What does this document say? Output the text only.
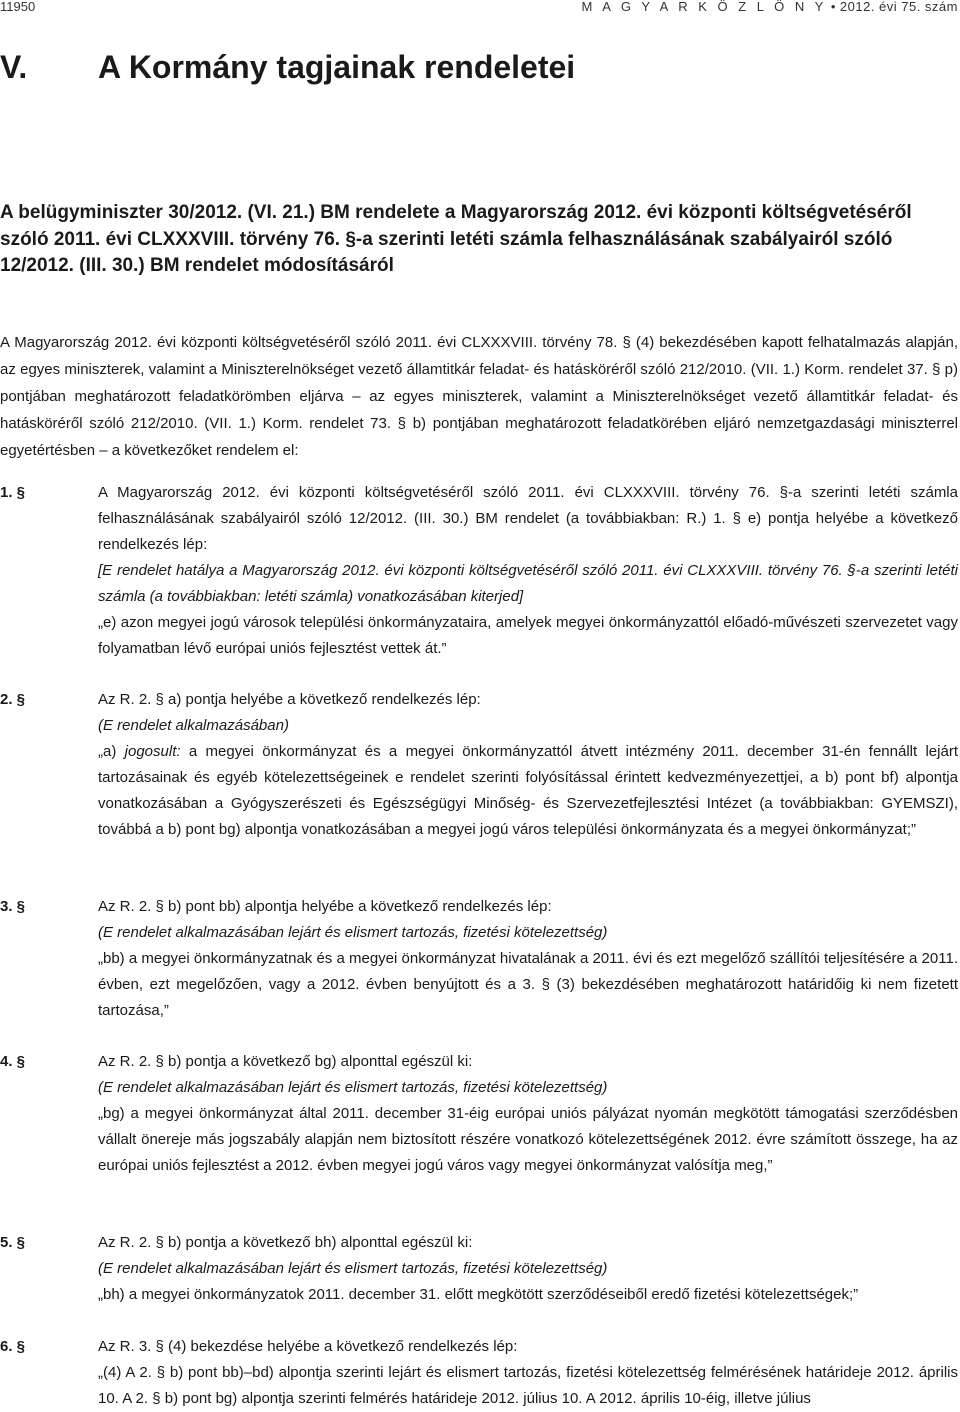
11950	M A G Y A R K Ö Z L Ö N Y • 2012. évi 75. szám
V. A Kormány tagjainak rendeletei
A belügyminiszter 30/2012. (VI. 21.) BM rendelete a Magyarország 2012. évi központi költségvetéséről szóló 2011. évi CLXXXVIII. törvény 76. §-a szerinti letéti számla felhasználásának szabályairól szóló 12/2012. (III. 30.) BM rendelet módosításáról
A Magyarország 2012. évi központi költségvetéséről szóló 2011. évi CLXXXVIII. törvény 78. § (4) bekezdésében kapott felhatalmazás alapján, az egyes miniszterek, valamint a Miniszterelnökséget vezető államtitkár feladat- és hatásköréről szóló 212/2010. (VII. 1.) Korm. rendelet 37. § p) pontjában meghatározott feladatkörömben eljárva – az egyes miniszterek, valamint a Miniszterelnökséget vezető államtitkár feladat- és hatásköréről szóló 212/2010. (VII. 1.) Korm. rendelet 73. § b) pontjában meghatározott feladatkörében eljáró nemzetgazdasági miniszterrel egyetértésben – a következőket rendelem el:
1. §	A Magyarország 2012. évi központi költségvetéséről szóló 2011. évi CLXXXVIII. törvény 76. §-a szerinti letéti számla felhasználásának szabályairól szóló 12/2012. (III. 30.) BM rendelet (a továbbiakban: R.) 1. § e) pontja helyébe a következő rendelkezés lép:

[E rendelet hatálya a Magyarország 2012. évi központi költségvetéséről szóló 2011. évi CLXXXVIII. törvény 76. §-a szerinti letéti számla (a továbbiakban: letéti számla) vonatkozásában kiterjed]

„e) azon megyei jogú városok települési önkormányzataira, amelyek megyei önkormányzattól előadó-művészeti szervezetet vagy folyamatban lévő európai uniós fejlesztést vettek át.”

2. §	Az R. 2. § a) pontja helyébe a következő rendelkezés lép:

(E rendelet alkalmazásában)

„a) jogosult: a megyei önkormányzat és a megyei önkormányzattól átvett intézmény 2011. december 31-én fennállt lejárt tartozásainak és egyéb kötelezettségeinek e rendelet szerinti folyósítással érintett kedvezményezettjei, a b) pont bf) alpontja vonatkozásában a Gyógyszerészeti és Egészségügyi Minőség- és Szervezetfejlesztési Intézet (a továbbiakban: GYEMSZI), továbbá a b) pont bg) alpontja vonatkozásában a megyei jogú város települési önkormányzata és a megyei önkormányzat;”

3. §	Az R. 2. § b) pont bb) alpontja helyébe a következő rendelkezés lép:

(E rendelet alkalmazásában lejárt és elismert tartozás, fizetési kötelezettség)

„bb) a megyei önkormányzatnak és a megyei önkormányzat hivatalának a 2011. évi és ezt megelőző szállítói teljesítésére a 2011. évben, ezt megelőzően, vagy a 2012. évben benyújtott és a 3. § (3) bekezdésében meghatározott határidőig ki nem fizetett tartozása,”

4. §	Az R. 2. § b) pontja a következő bg) alponttal egészül ki:

(E rendelet alkalmazásában lejárt és elismert tartozás, fizetési kötelezettség)

„bg) a megyei önkormányzat által 2011. december 31-éig európai uniós pályázat nyomán megkötött támogatási szerződésben vállalt önereje más jogszabály alapján nem biztosított részére vonatkozó kötelezettségének 2012. évre számított összege, ha az európai uniós fejlesztést a 2012. évben megyei jogú város vagy megyei önkormányzat valósítja meg,”

5. §	Az R. 2. § b) pontja a következő bh) alponttal egészül ki:

(E rendelet alkalmazásában lejárt és elismert tartozás, fizetési kötelezettség)

„bh) a megyei önkormányzatok 2011. december 31. előtt megkötött szerződéseiből eredő fizetési kötelezettségek;”

6. §	Az R. 3. § (4) bekezdése helyébe a következő rendelkezés lép:

„(4) A 2. § b) pont bb)–bd) alpontja szerinti lejárt és elismert tartozás, fizetési kötelezettség felmérésének határideje 2012. április 10. A 2. § b) pont bg) alpontja szerinti felmérés határideje 2012. július 10. A 2012. április 10-éig, illetve július
